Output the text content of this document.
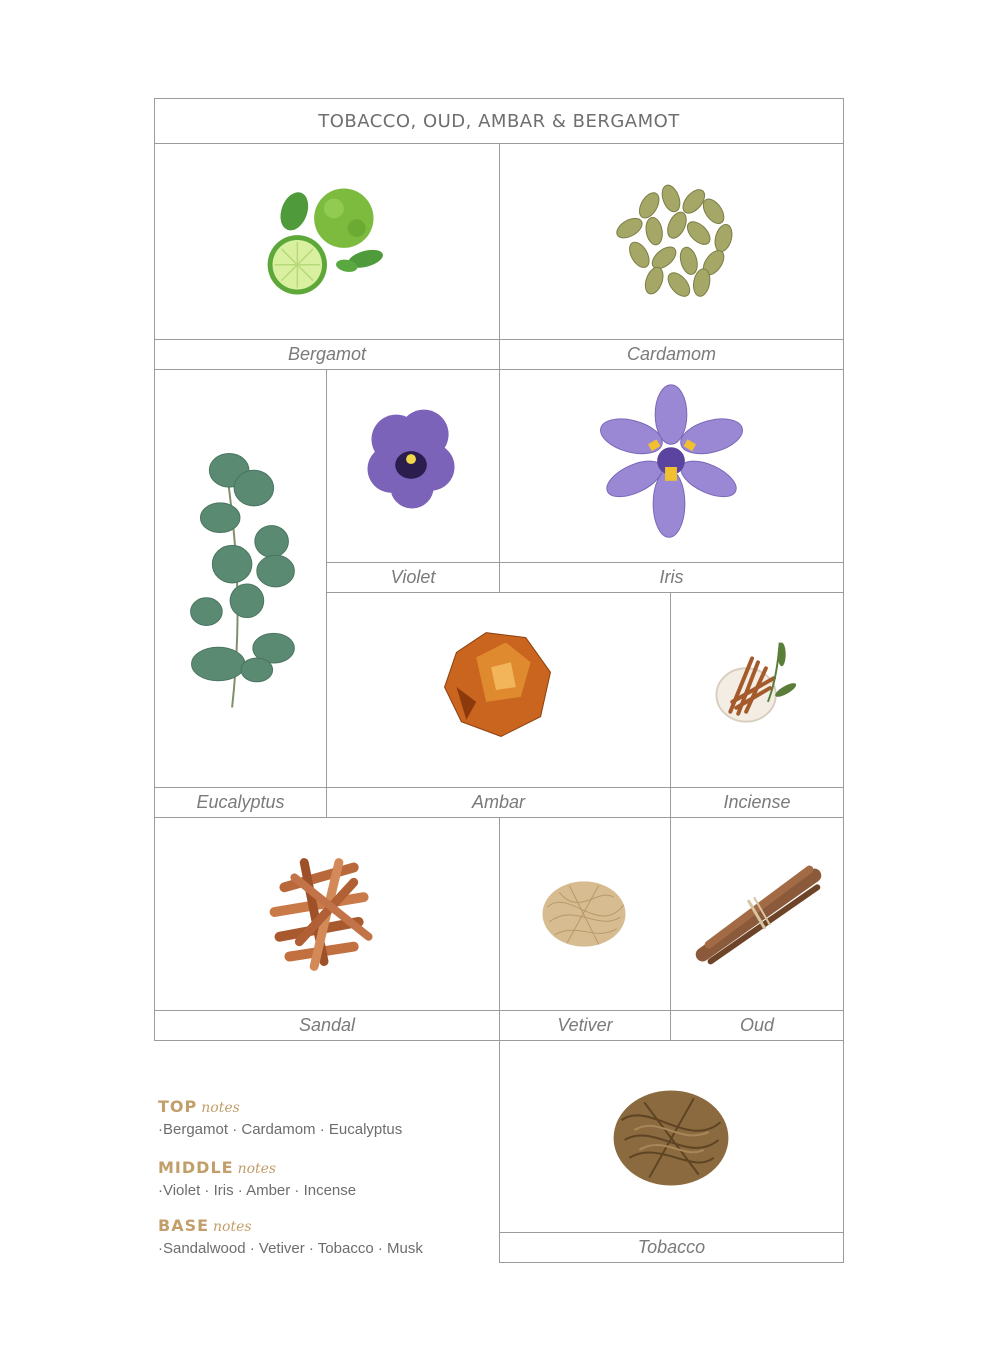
TOBACCO, OUD, AMBAR & BERGAMOT
Bergamot	Cardamom
Eucalyptus
Violet	Iris
Ambar	Inciense
Sandal	Vetiver	Oud
Tobacco
TOP notes
·Bergamot · Cardamom · Eucalyptus
MIDDLE notes
·Violet · Iris · Amber · Incense
BASE notes
·Sandalwood · Vetiver · Tobacco · Musk
